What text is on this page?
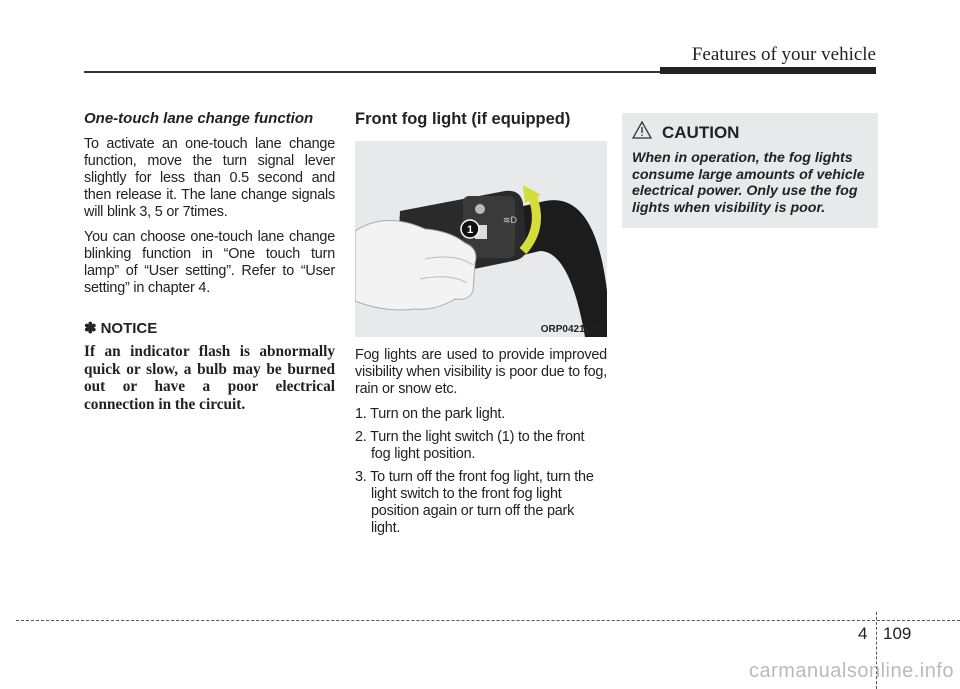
Features of your vehicle
One-touch lane change function

To activate an one-touch lane change function, move the turn signal lever slightly for less than 0.5 second and then release it. The lane change signals will blink 3, 5 or 7times.

You can choose one-touch lane change blinking function in “One touch turn lamp” of “User setting”. Refer to “User setting” in chapter 4.

✽ NOTICE

If an indicator flash is abnormally quick or slow, a bulb may be burned out or have a poor electrical connection in the circuit.

Front fog light (if equipped)
≋D
1
ORP042122C

Fog lights are used to provide improved visibility when visibility is poor due to fog, rain or snow etc.

1. Turn on the park light.
2. Turn the light switch (1) to the front fog light position.
3. To turn off the front fog light, turn the light switch to the front fog light position again or turn off the park light.
CAUTION

When in operation, the fog lights consume large amounts of vehicle electrical power. Only use the fog lights when visibility is poor.

4 109
carmanualsonline.info
